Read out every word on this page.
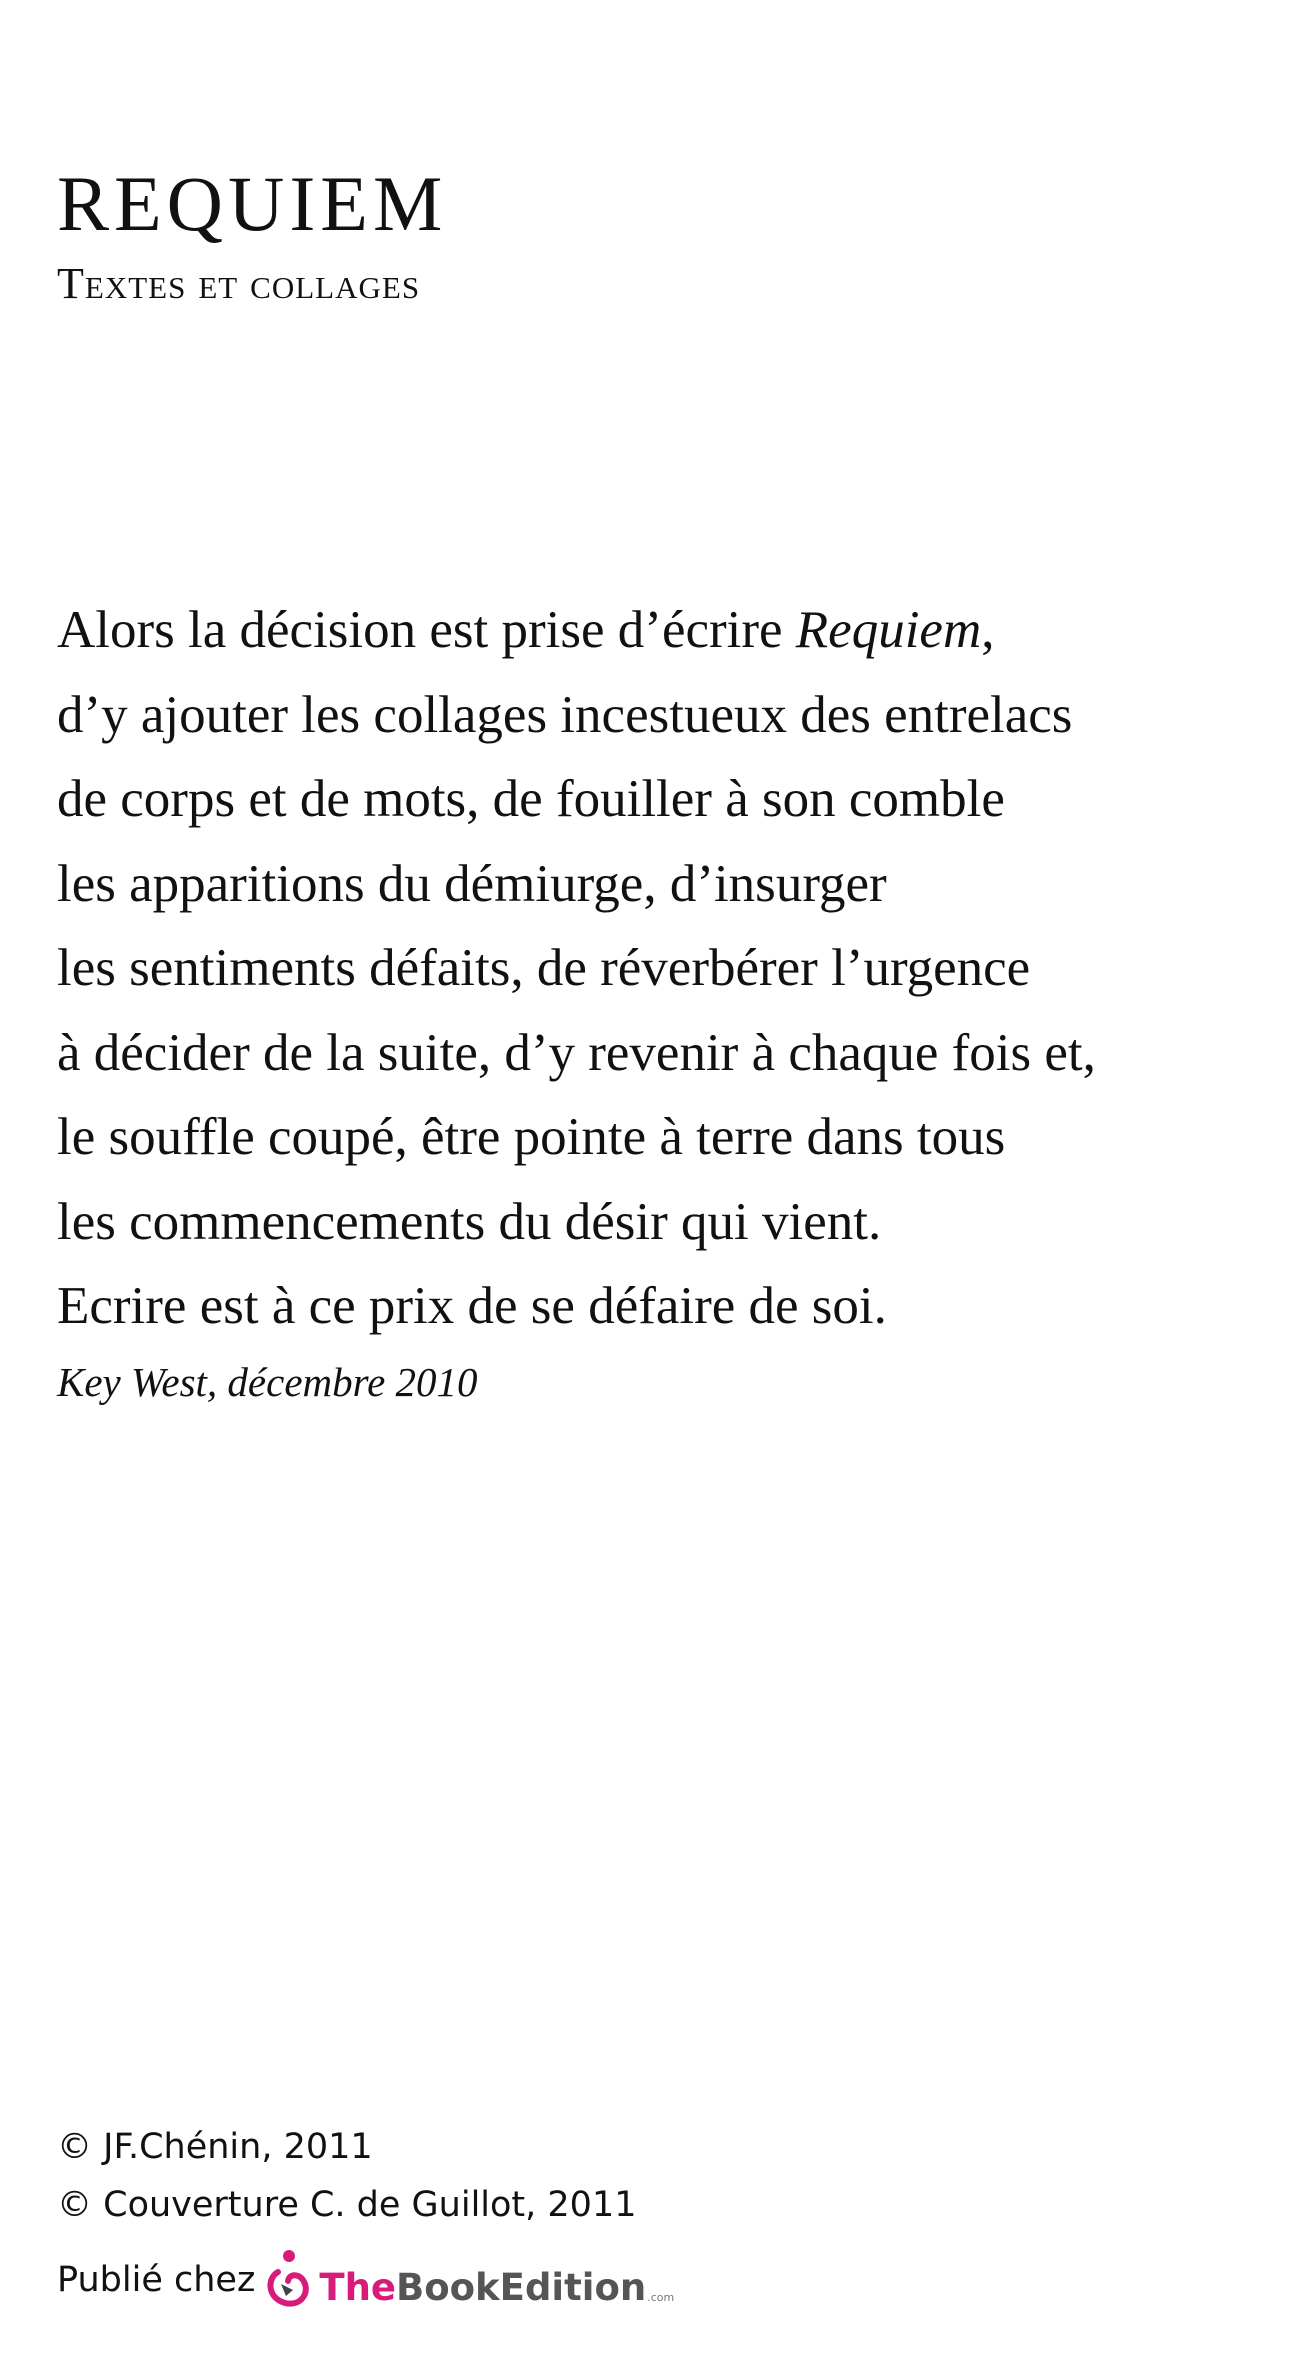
REQUIEM
Textes et collages
Alors la décision est prise d’écrire Requiem,
d’y ajouter les collages incestueux des entrelacs
de corps et de mots, de fouiller à son comble
les apparitions du démiurge, d’insurger
les sentiments défaits, de réverbérer l’urgence
à décider de la suite, d’y revenir à chaque fois et,
le souffle coupé, être pointe à terre dans tous
les commencements du désir qui vient.
Ecrire est à ce prix de se défaire de soi.
Key West, décembre 2010
© JF.Chénin, 2011
© Couverture C. de Guillot, 2011
Publié chez TheBookEdition .com
